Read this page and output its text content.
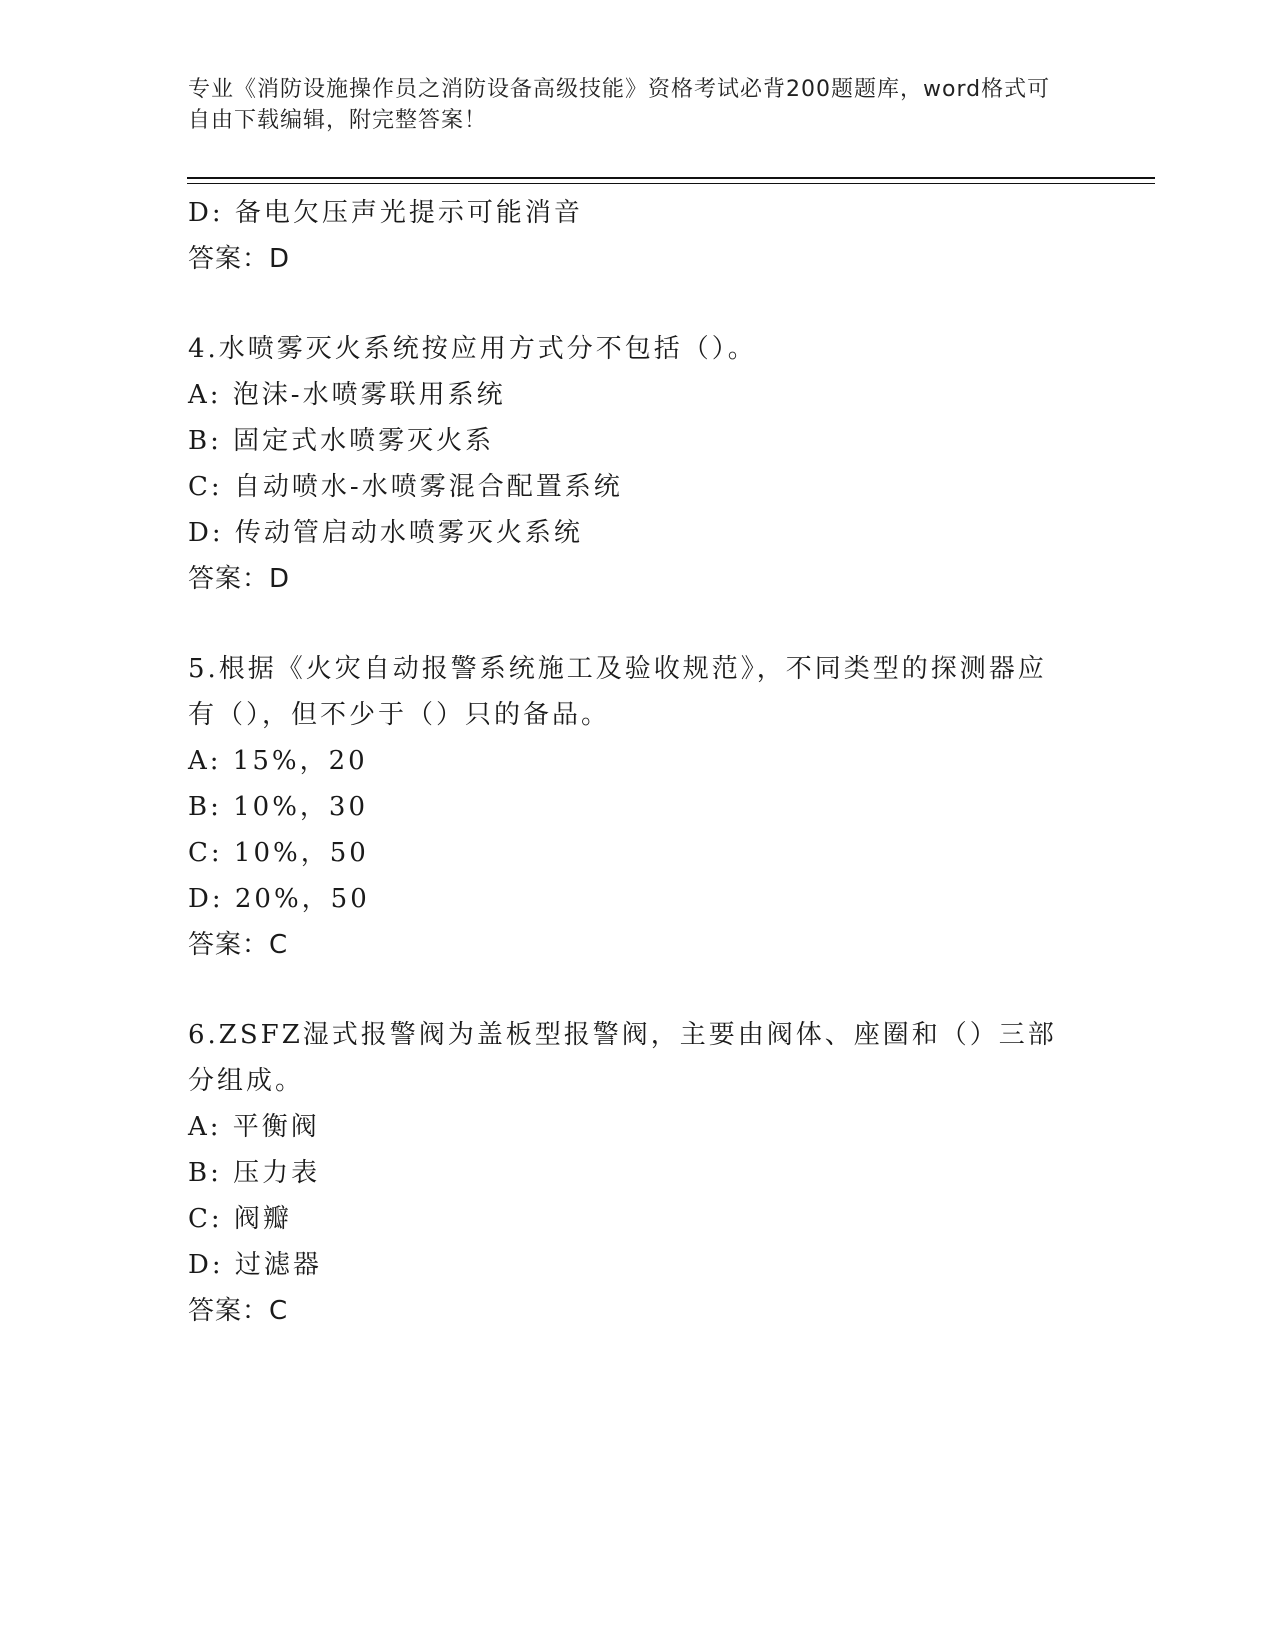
专业《消防设施操作员之消防设备高级技能》资格考试必背200题题库，word格式可自由下载编辑，附完整答案！
D: 备电欠压声光提示可能消音
答案：D
4.水喷雾灭火系统按应用方式分不包括（）。
A: 泡沫-水喷雾联用系统
B: 固定式水喷雾灭火系
C: 自动喷水-水喷雾混合配置系统
D: 传动管启动水喷雾灭火系统
答案：D
5.根据《火灾自动报警系统施工及验收规范》，不同类型的探测器应有（），但不少于（）只的备品。
A: 15%，20
B: 10%，30
C: 10%，50
D: 20%，50
答案：C
6.ZSFZ湿式报警阀为盖板型报警阀，主要由阀体、座圈和（）三部分组成。
A: 平衡阀
B: 压力表
C: 阀瓣
D: 过滤器
答案：C
